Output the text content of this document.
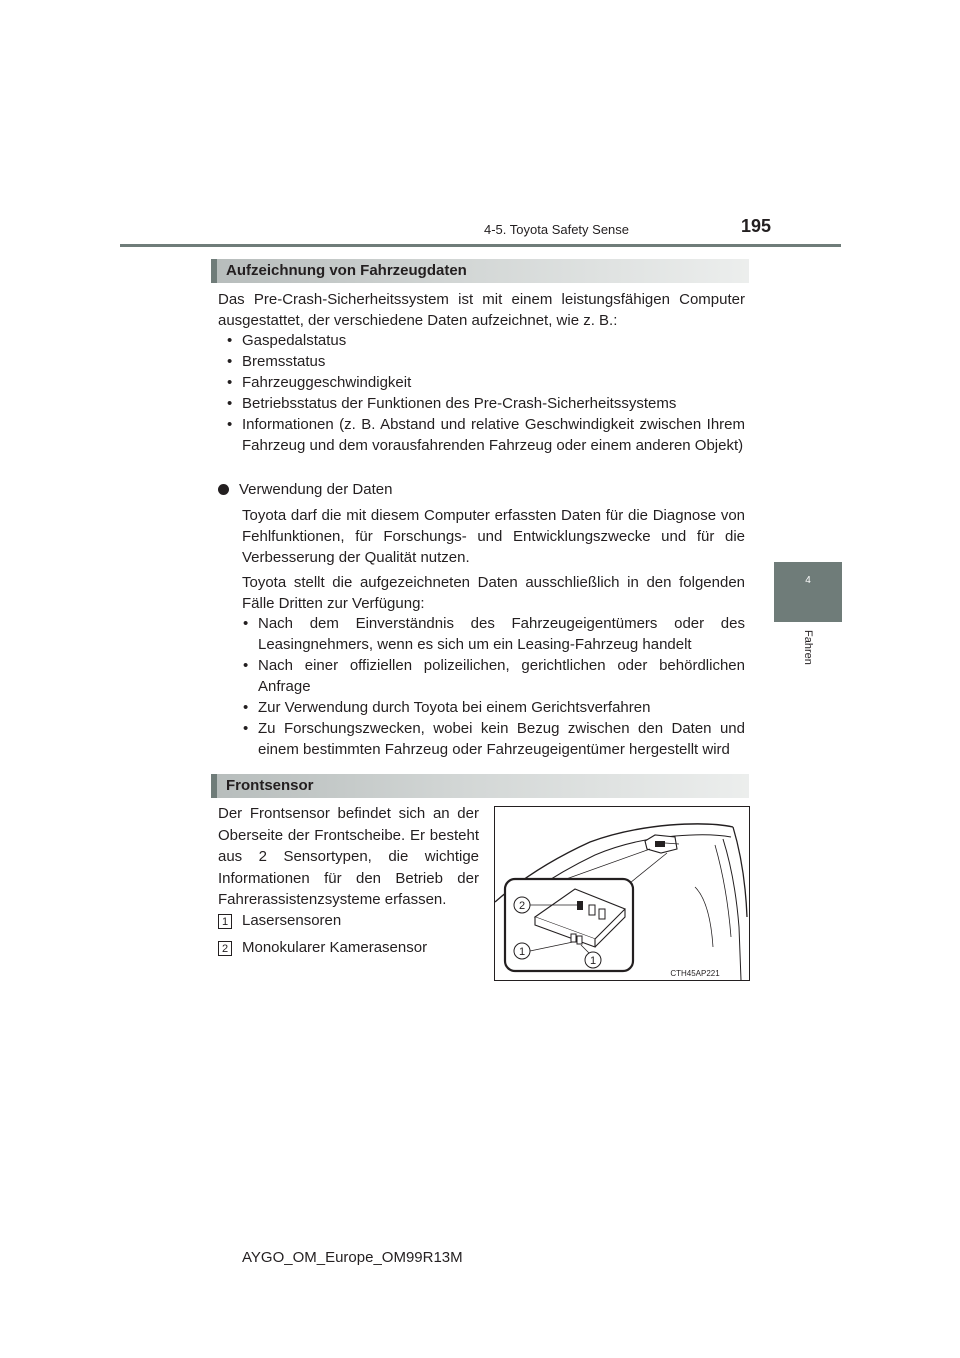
4-5. Toyota Safety Sense	195
4
Fahren
Aufzeichnung von Fahrzeugdaten
Das Pre-Crash-Sicherheitssystem ist mit einem leistungsfähigen Computer ausgestattet, der verschiedene Daten aufzeichnet, wie z. B.:
• Gaspedalstatus
• Bremsstatus
• Fahrzeuggeschwindigkeit
• Betriebsstatus der Funktionen des Pre-Crash-Sicherheitssystems
• Informationen (z. B. Abstand und relative Geschwindigkeit zwischen Ihrem Fahrzeug und dem vorausfahrenden Fahrzeug oder einem anderen Objekt)
Verwendung der Daten
Toyota darf die mit diesem Computer erfassten Daten für die Diagnose von Fehlfunktionen, für Forschungs- und Entwicklungszwecke und für die Verbesserung der Qualität nutzen.
Toyota stellt die aufgezeichneten Daten ausschließlich in den folgenden Fälle Dritten zur Verfügung:
• Nach dem Einverständnis des Fahrzeugeigentümers oder des Leasingnehmers, wenn es sich um ein Leasing-Fahrzeug handelt
• Nach einer offiziellen polizeilichen, gerichtlichen oder behördlichen Anfrage
• Zur Verwendung durch Toyota bei einem Gerichtsverfahren
• Zu Forschungszwecken, wobei kein Bezug zwischen den Daten und einem bestimmten Fahrzeug oder Fahrzeugeigentümer hergestellt wird
Frontsensor
Der Frontsensor befindet sich an der Oberseite der Frontscheibe. Er besteht aus 2 Sensortypen, die wichtige Informationen für den Betrieb der Fahrerassistenzsysteme erfassen.
1 Lasersensoren
2 Monokularer Kamerasensor
2
1
1
CTH45AP221
AYGO_OM_Europe_OM99R13M
